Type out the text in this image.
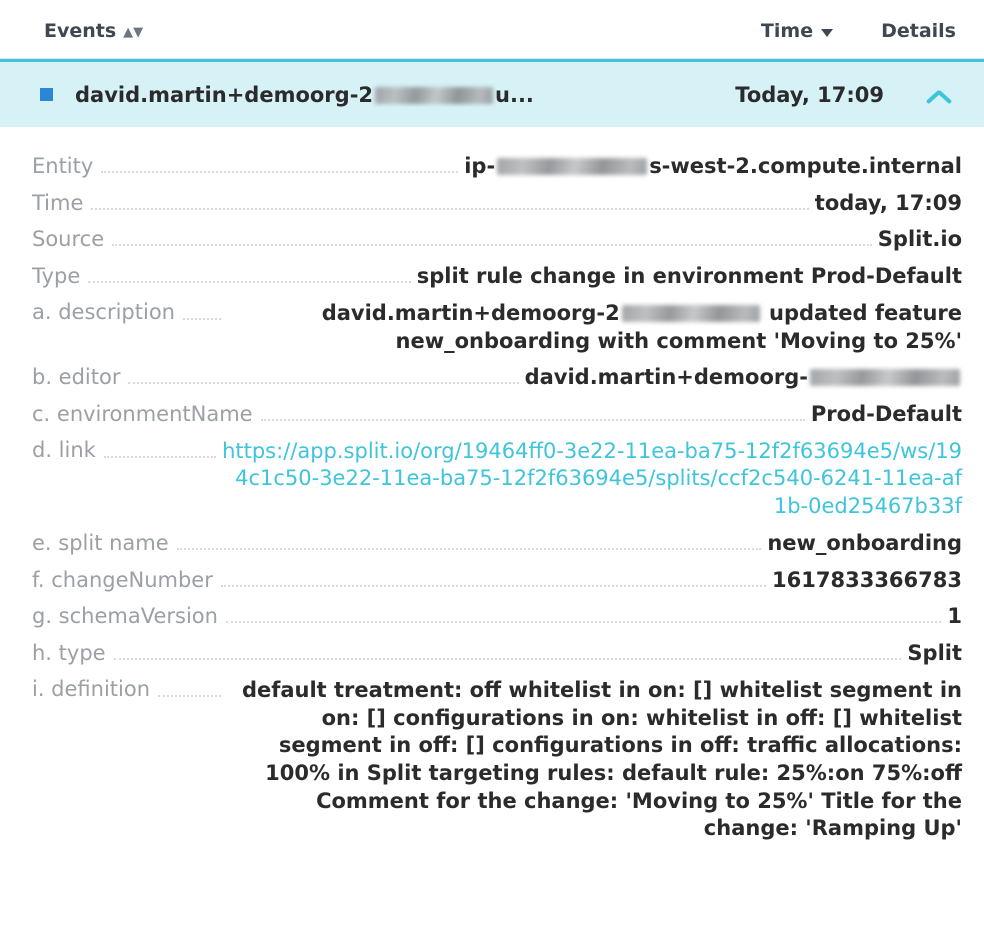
Events ▲▼	Time	Details
david.martin+demoorg-2	u...	Today, 17:09
Entity	ip-	s-west-2.compute.internal
Time	today, 17:09
Source	Split.io
Type	split rule change in environment Prod-Default
a. description	david.martin+demoorg-2	updated feature new_onboarding with comment 'Moving to 25%'
b. editor	david.martin+demoorg-
c. environmentName	Prod-Default
d. link	https://app.split.io/org/19464ff0-3e22-11ea-ba75-12f2f63694e5/ws/194c1c50-3e22-11ea-ba75-12f2f63694e5/splits/ccf2c540-6241-11ea-af1b-0ed25467b33f
e. split name	new_onboarding
f. changeNumber	1617833366783
g. schemaVersion	1
h. type	Split
i. definition	default treatment: off whitelist in on: [] whitelist segment in on: [] configurations in on: whitelist in off: [] whitelist segment in off: [] configurations in off: traffic allocations: 100% in Split targeting rules: default rule: 25%:on 75%:off Comment for the change: 'Moving to 25%' Title for the change: 'Ramping Up'
